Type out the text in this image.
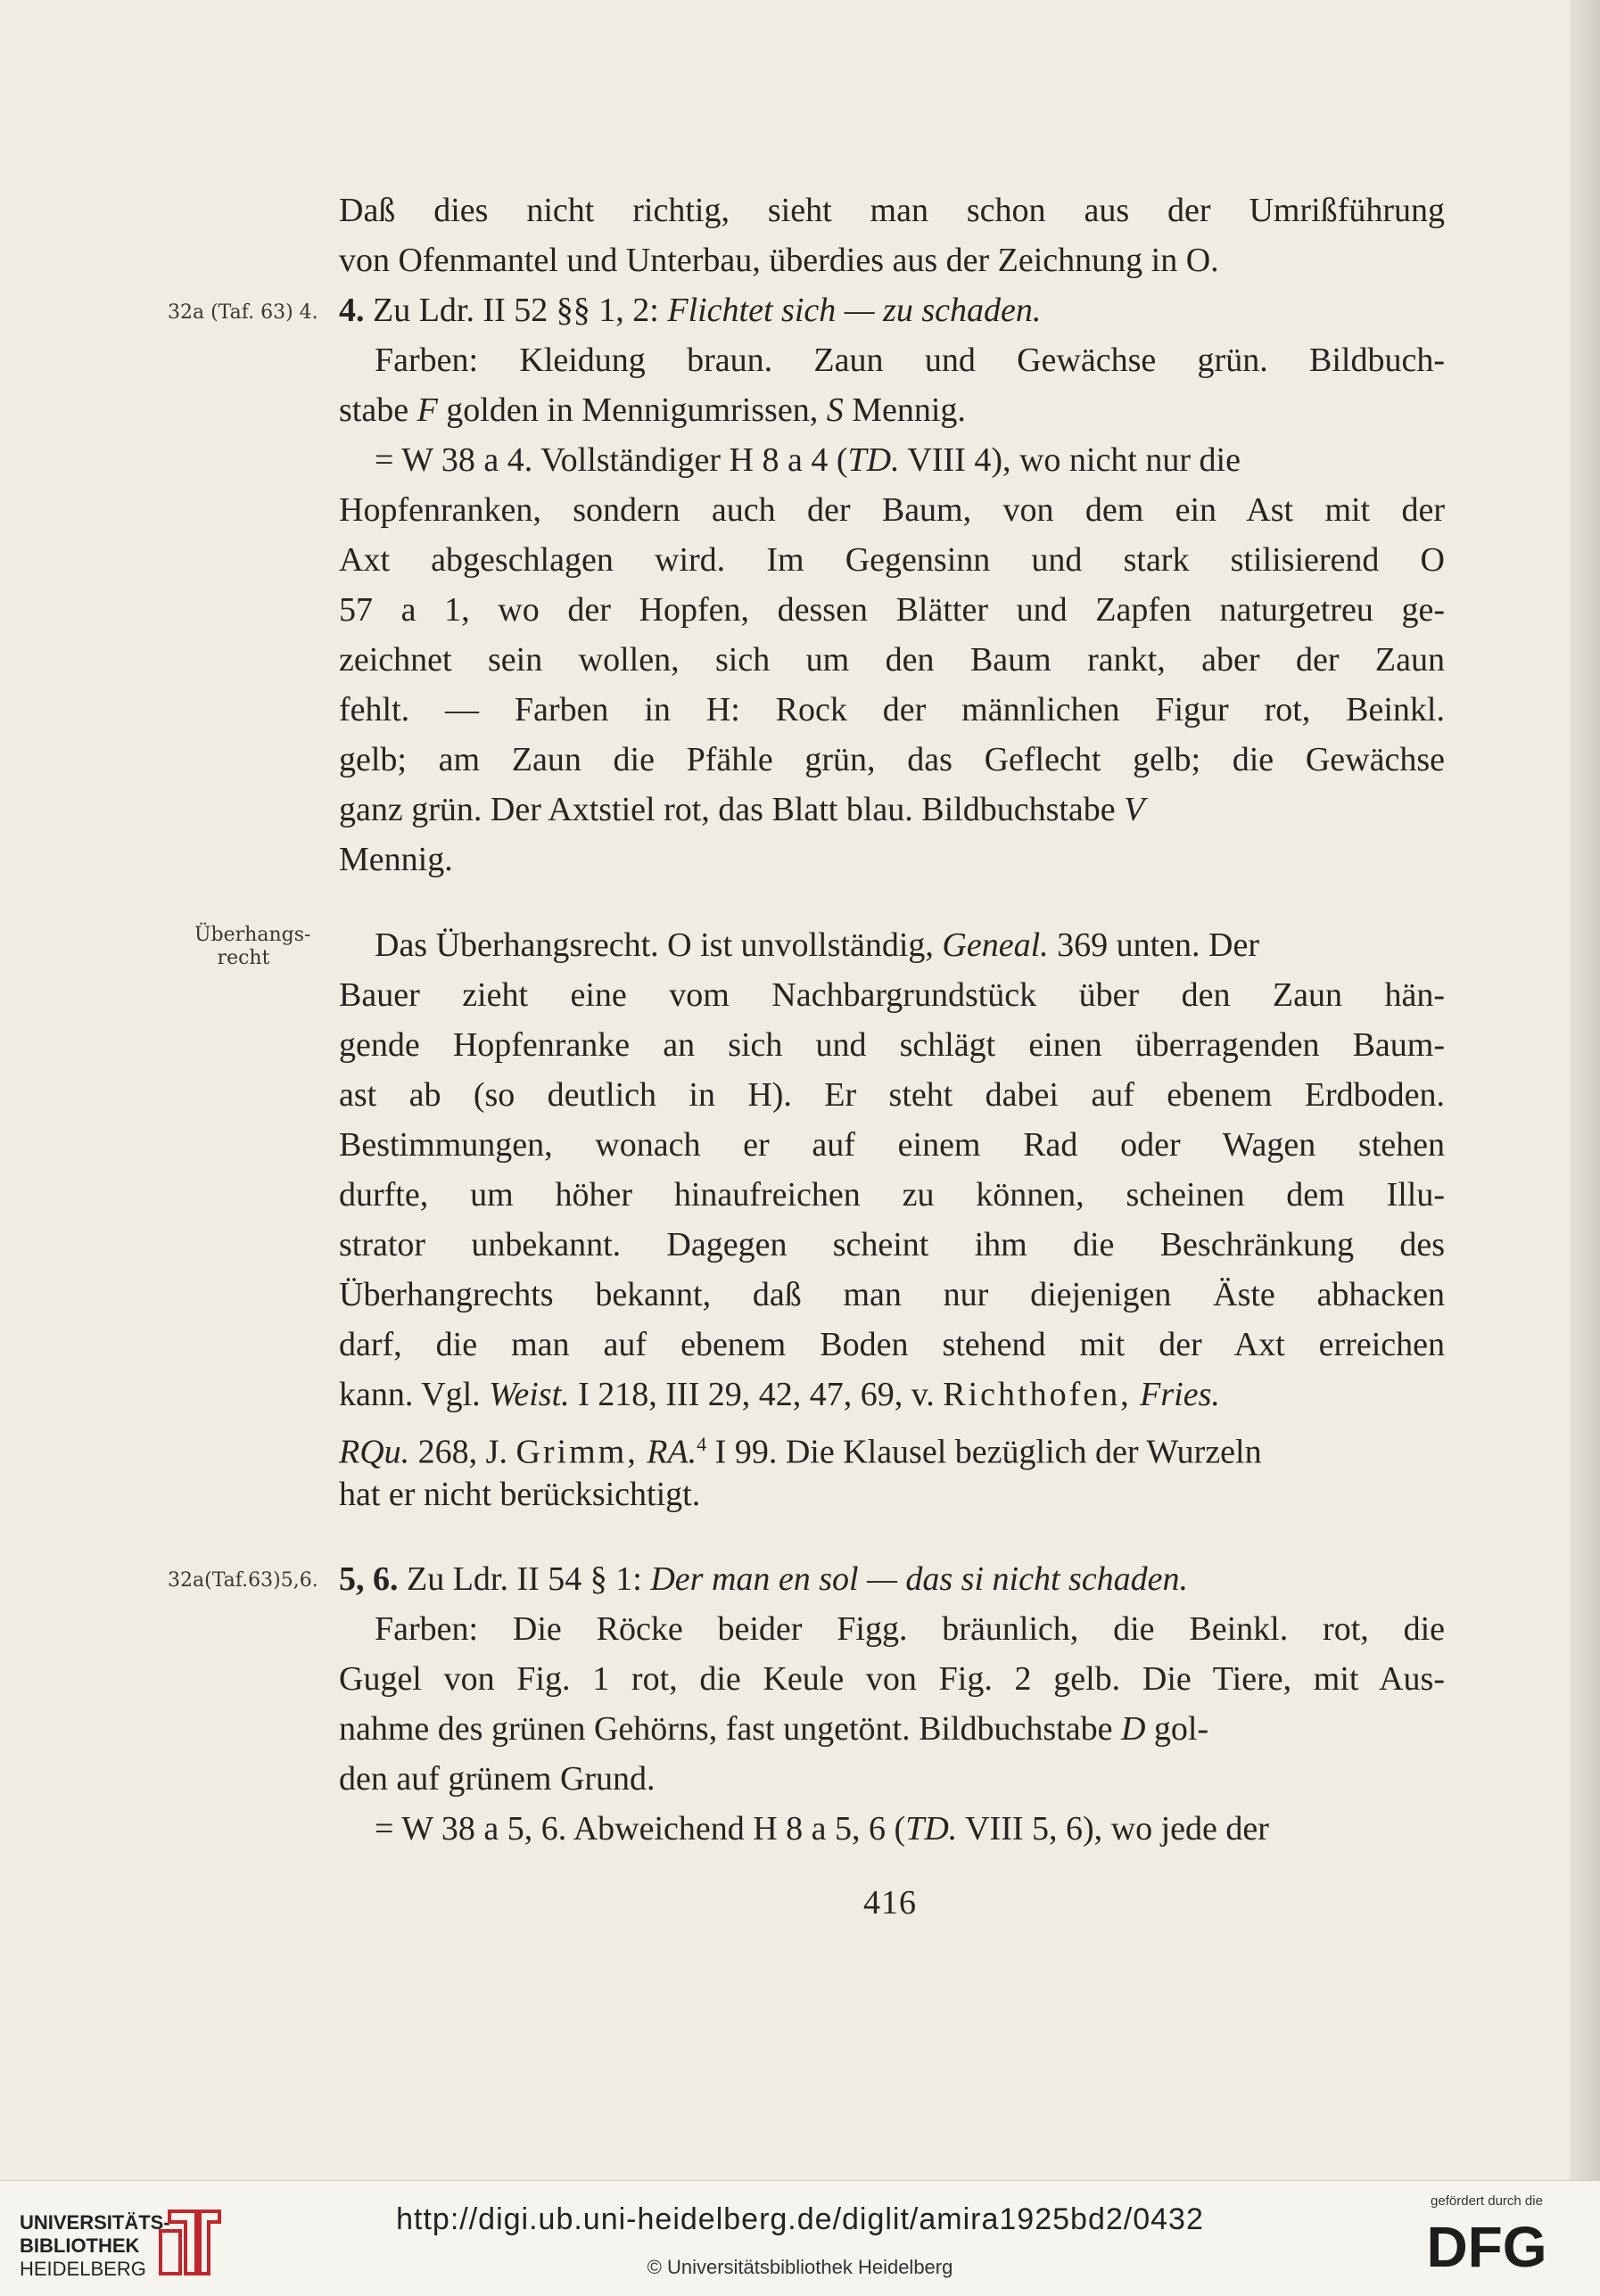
Daß dies nicht richtig, sieht man schon aus der Umrißführung
von Ofenmantel und Unterbau, überdies aus der Zeichnung in O.
32a (Taf. 63) 4. 4. Zu Ldr. II 52 §§ 1, 2: Flichtet sich — zu schaden.
Farben: Kleidung braun. Zaun und Gewächse grün. Bildbuch-
stabe F golden in Mennigumrissen, S Mennig.
= W 38 a 4. Vollständiger H 8 a 4 (TD. VIII 4), wo nicht nur die
Hopfenranken, sondern auch der Baum, von dem ein Ast mit der
Axt abgeschlagen wird. Im Gegensinn und stark stilisierend O
57 a 1, wo der Hopfen, dessen Blätter und Zapfen naturgetreu ge-
zeichnet sein wollen, sich um den Baum rankt, aber der Zaun
fehlt. — Farben in H: Rock der männlichen Figur rot, Beinkl.
gelb; am Zaun die Pfähle grün, das Geflecht gelb; die Gewächse
ganz grün. Der Axtstiel rot, das Blatt blau. Bildbuchstabe V
Mennig.
Überhangs-
recht	Das Überhangsrecht. O ist unvollständig, Geneal. 369 unten. Der
Bauer zieht eine vom Nachbargrundstück über den Zaun hän-
gende Hopfenranke an sich und schlägt einen überragenden Baum-
ast ab (so deutlich in H). Er steht dabei auf ebenem Erdboden.
Bestimmungen, wonach er auf einem Rad oder Wagen stehen
durfte, um höher hinaufreichen zu können, scheinen dem Illu-
strator unbekannt. Dagegen scheint ihm die Beschränkung des
Überhangrechts bekannt, daß man nur diejenigen Äste abhacken
darf, die man auf ebenem Boden stehend mit der Axt erreichen
kann. Vgl. Weist. I 218, III 29, 42, 47, 69, v. Richthofen, Fries.
RQu. 268, J. Grimm, RA.$^4$ I 99. Die Klausel bezüglich der Wurzeln
hat er nicht berücksichtigt.
32a(Taf.63)5,6. 5, 6. Zu Ldr. II 54 § 1: Der man en sol — das si nicht schaden.
Farben: Die Röcke beider Figg. bräunlich, die Beinkl. rot, die
Gugel von Fig. 1 rot, die Keule von Fig. 2 gelb. Die Tiere, mit Aus-
nahme des grünen Gehörns, fast ungetönt. Bildbuchstabe D gol-
den auf grünem Grund.
= W 38 a 5, 6. Abweichend H 8 a 5, 6 (TD. VIII 5, 6), wo jede der
416
UNIVERSITÄTS-
BIBLIOTHEK
HEIDELBERG
http://digi.ub.uni-heidelberg.de/diglit/amira1925bd2/0432
© Universitätsbibliothek Heidelberg
gefördert durch die
DFG
